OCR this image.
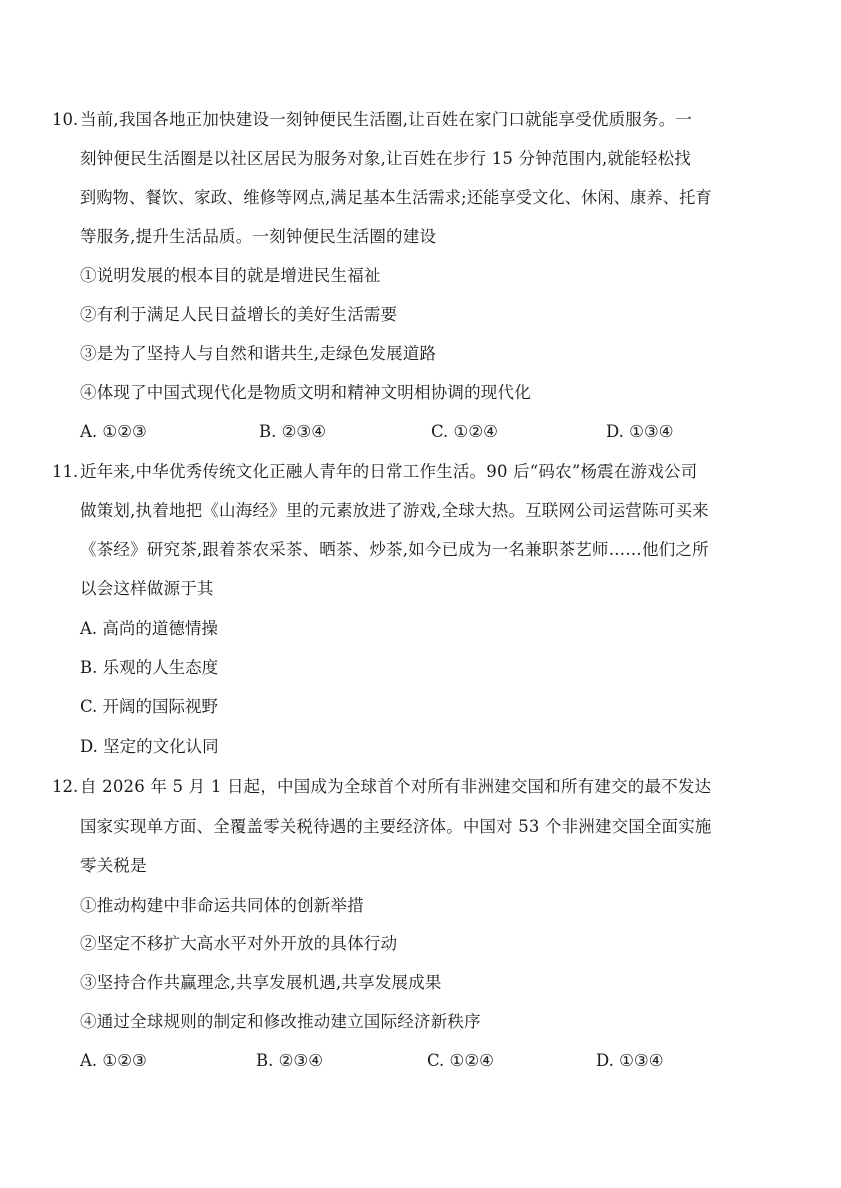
10. 当前,我国各地正加快建设一刻钟便民生活圈,让百姓在家门口就能享受优质服务。一
刻钟便民生活圈是以社区居民为服务对象,让百姓在步行 15 分钟范围内,就能轻松找
到购物、餐饮、家政、维修等网点,满足基本生活需求;还能享受文化、休闲、康养、托育
等服务,提升生活品质。一刻钟便民生活圈的建设
①说明发展的根本目的就是增进民生福祉
②有利于满足人民日益增长的美好生活需要
③是为了坚持人与自然和谐共生,走绿色发展道路
④体现了中国式现代化是物质文明和精神文明相协调的现代化
A. ①②③	B. ②③④	C. ①②④	D. ①③④
11. 近年来,中华优秀传统文化正融人青年的日常工作生活。90 后“码农”杨震在游戏公司
做策划,执着地把《山海经》里的元素放进了游戏,全球大热。互联网公司运营陈可买来
《茶经》研究茶,跟着茶农采茶、晒茶、炒茶,如今已成为一名兼职茶艺师……他们之所
以会这样做源于其
A. 高尚的道德情操
B. 乐观的人生态度
C. 开阔的国际视野
D. 坚定的文化认同
12. 自 2026 年 5 月 1 日起，中国成为全球首个对所有非洲建交国和所有建交的最不发达
国家实现单方面、全覆盖零关税待遇的主要经济体。中国对 53 个非洲建交国全面实施
零关税是
①推动构建中非命运共同体的创新举措
②坚定不移扩大高水平对外开放的具体行动
③坚持合作共赢理念,共享发展机遇,共享发展成果
④通过全球规则的制定和修改推动建立国际经济新秩序
A. ①②③	B. ②③④	C. ①②④	D. ①③④
